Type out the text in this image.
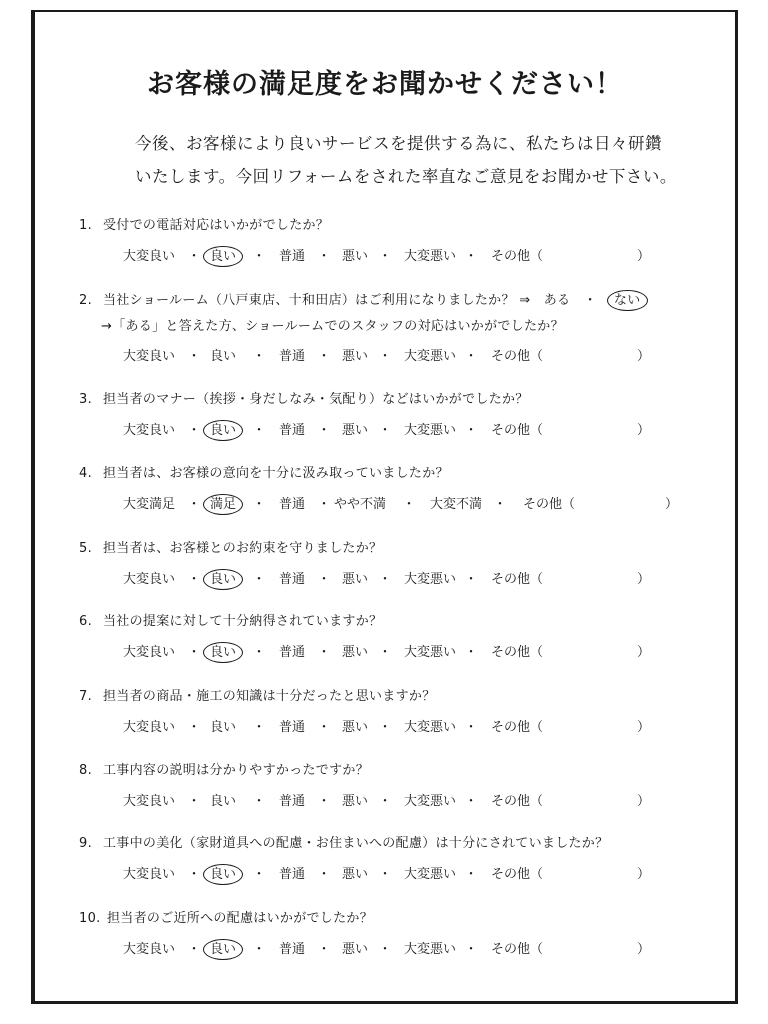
お客様の満足度をお聞かせください！
今後、お客様により良いサービスを提供する為に、私たちは日々研鑽
いたします。今回リフォームをされた率直なご意見をお聞かせ下さい。
1. 受付での電話対応はいかがでしたか？
大変良い	良い	普通	悪い	大変悪い	その他（
・	・	・	・	・	）
2. 当社ショールーム（八戸東店、十和田店）はご利用になりましたか？ ⇒　ある　・ ない
→「ある」と答えた方、ショールームでのスタッフの対応はいかがでしたか？
大変良い	良い	普通	悪い	大変悪い	その他（
・	・	・	・	・	）
3. 担当者のマナー（挨拶・身だしなみ・気配り）などはいかがでしたか？
大変良い	良い	普通	悪い	大変悪い	その他（
・	・	・	・	・	）
4. 担当者は、お客様の意向を十分に汲み取っていましたか？
大変満足	満足	普通 やや不満	大変不満	その他（
・	・	・	・	・	）
5. 担当者は、お客様とのお約束を守りましたか？
大変良い	良い	普通	悪い	大変悪い	その他（
・	・	・	・	・	）
6. 当社の提案に対して十分納得されていますか？
大変良い	良い	普通	悪い	大変悪い	その他（
・	・	・	・	・	）
7. 担当者の商品・施工の知識は十分だったと思いますか？
大変良い	良い	普通	悪い	大変悪い	その他（
・	・	・	・	・	）
8. 工事内容の説明は分かりやすかったですか？
大変良い	良い	普通	悪い	大変悪い	その他（
・	・	・	・	・	）
9. 工事中の美化（家財道具への配慮・お住まいへの配慮）は十分にされていましたか？
大変良い	良い	普通	悪い	大変悪い	その他（
・	・	・	・	・	）
10. 担当者のご近所への配慮はいかがでしたか？
大変良い	良い	普通	悪い	大変悪い	その他（
・	・	・	・	・	）
